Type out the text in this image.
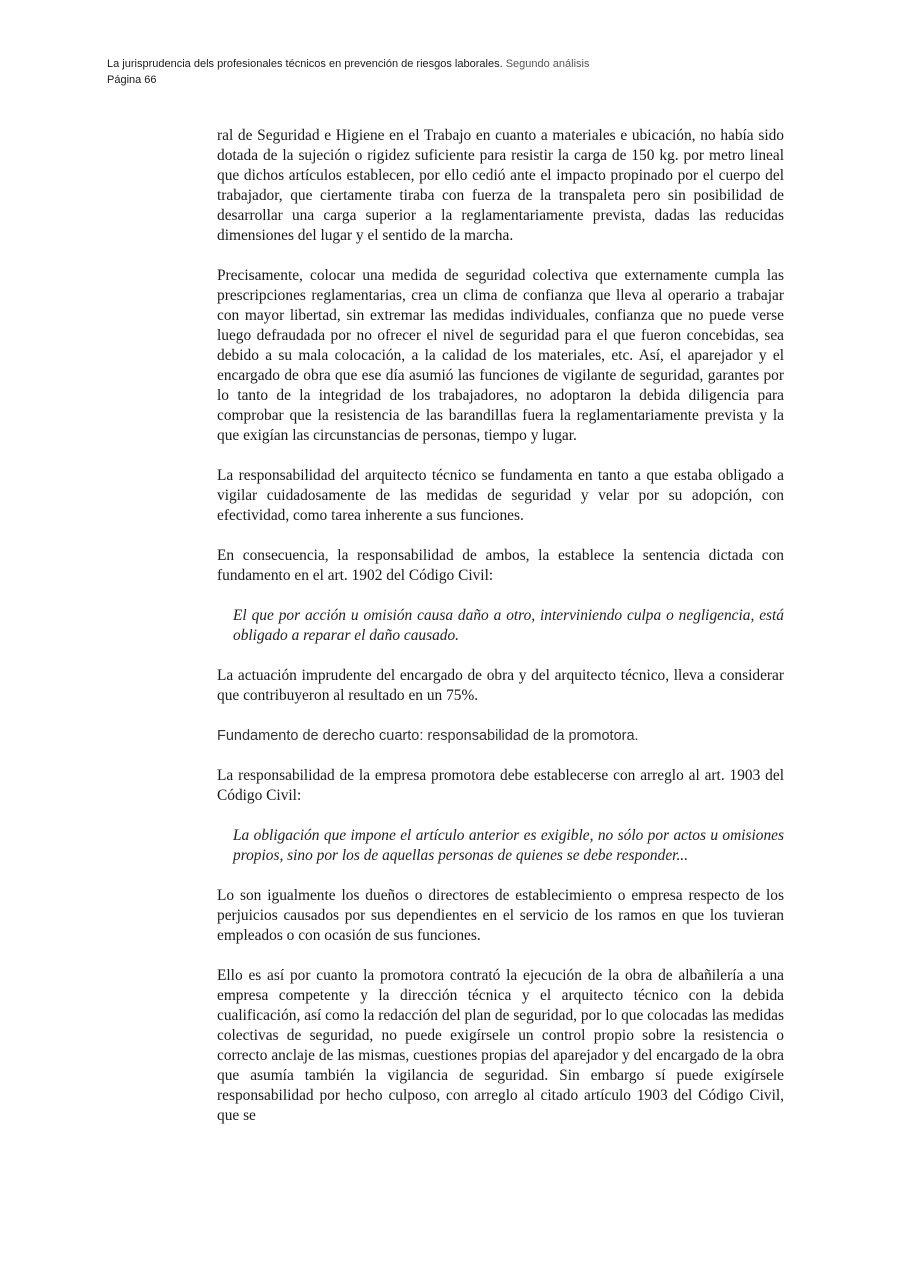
La jurisprudencia dels profesionales técnicos en prevención de riesgos laborales. Segundo análisis
Página 66

ral de Seguridad e Higiene en el Trabajo en cuanto a materiales e ubicación, no había sido dotada de la sujeción o rigidez suficiente para resistir la carga de 150 kg. por metro lineal que dichos artículos establecen, por ello cedió ante el impacto propinado por el cuerpo del trabajador, que ciertamente tiraba con fuerza de la transpaleta pero sin posibilidad de desarrollar una carga superior a la reglamentariamente prevista, dadas las reducidas dimensiones del lugar y el sentido de la marcha.

Precisamente, colocar una medida de seguridad colectiva que externamente cumpla las prescripciones reglamentarias, crea un clima de confianza que lleva al operario a trabajar con mayor libertad, sin extremar las medidas individuales, confianza que no puede verse luego defraudada por no ofrecer el nivel de seguridad para el que fueron concebidas, sea debido a su mala colocación, a la calidad de los materiales, etc. Así, el aparejador y el encargado de obra que ese día asumió las funciones de vigilante de seguridad, garantes por lo tanto de la integridad de los trabajadores, no adoptaron la debida diligencia para comprobar que la resistencia de las barandillas fuera la reglamentariamente prevista y la que exigían las circunstancias de personas, tiempo y lugar.

La responsabilidad del arquitecto técnico se fundamenta en tanto a que estaba obligado a vigilar cuidadosamente de las medidas de seguridad y velar por su adopción, con efectividad, como tarea inherente a sus funciones.

En consecuencia, la responsabilidad de ambos, la establece la sentencia dictada con fundamento en el art. 1902 del Código Civil:

El que por acción u omisión causa daño a otro, interviniendo culpa o negligencia, está obligado a reparar el daño causado.

La actuación imprudente del encargado de obra y del arquitecto técnico, lleva a considerar que contribuyeron al resultado en un 75%.

Fundamento de derecho cuarto: responsabilidad de la promotora.

La responsabilidad de la empresa promotora debe establecerse con arreglo al art. 1903 del Código Civil:

La obligación que impone el artículo anterior es exigible, no sólo por actos u omisiones propios, sino por los de aquellas personas de quienes se debe responder...

Lo son igualmente los dueños o directores de establecimiento o empresa respecto de los perjuicios causados por sus dependientes en el servicio de los ramos en que los tuvieran empleados o con ocasión de sus funciones.

Ello es así por cuanto la promotora contrató la ejecución de la obra de albañilería a una empresa competente y la dirección técnica y el arquitecto técnico con la debida cualificación, así como la redacción del plan de seguridad, por lo que colocadas las medidas colectivas de seguridad, no puede exigírsele un control propio sobre la resistencia o correcto anclaje de las mismas, cuestiones propias del aparejador y del encargado de la obra que asumía también la vigilancia de seguridad. Sin embargo sí puede exigírsele responsabilidad por hecho culposo, con arreglo al citado artículo 1903 del Código Civil, que se
